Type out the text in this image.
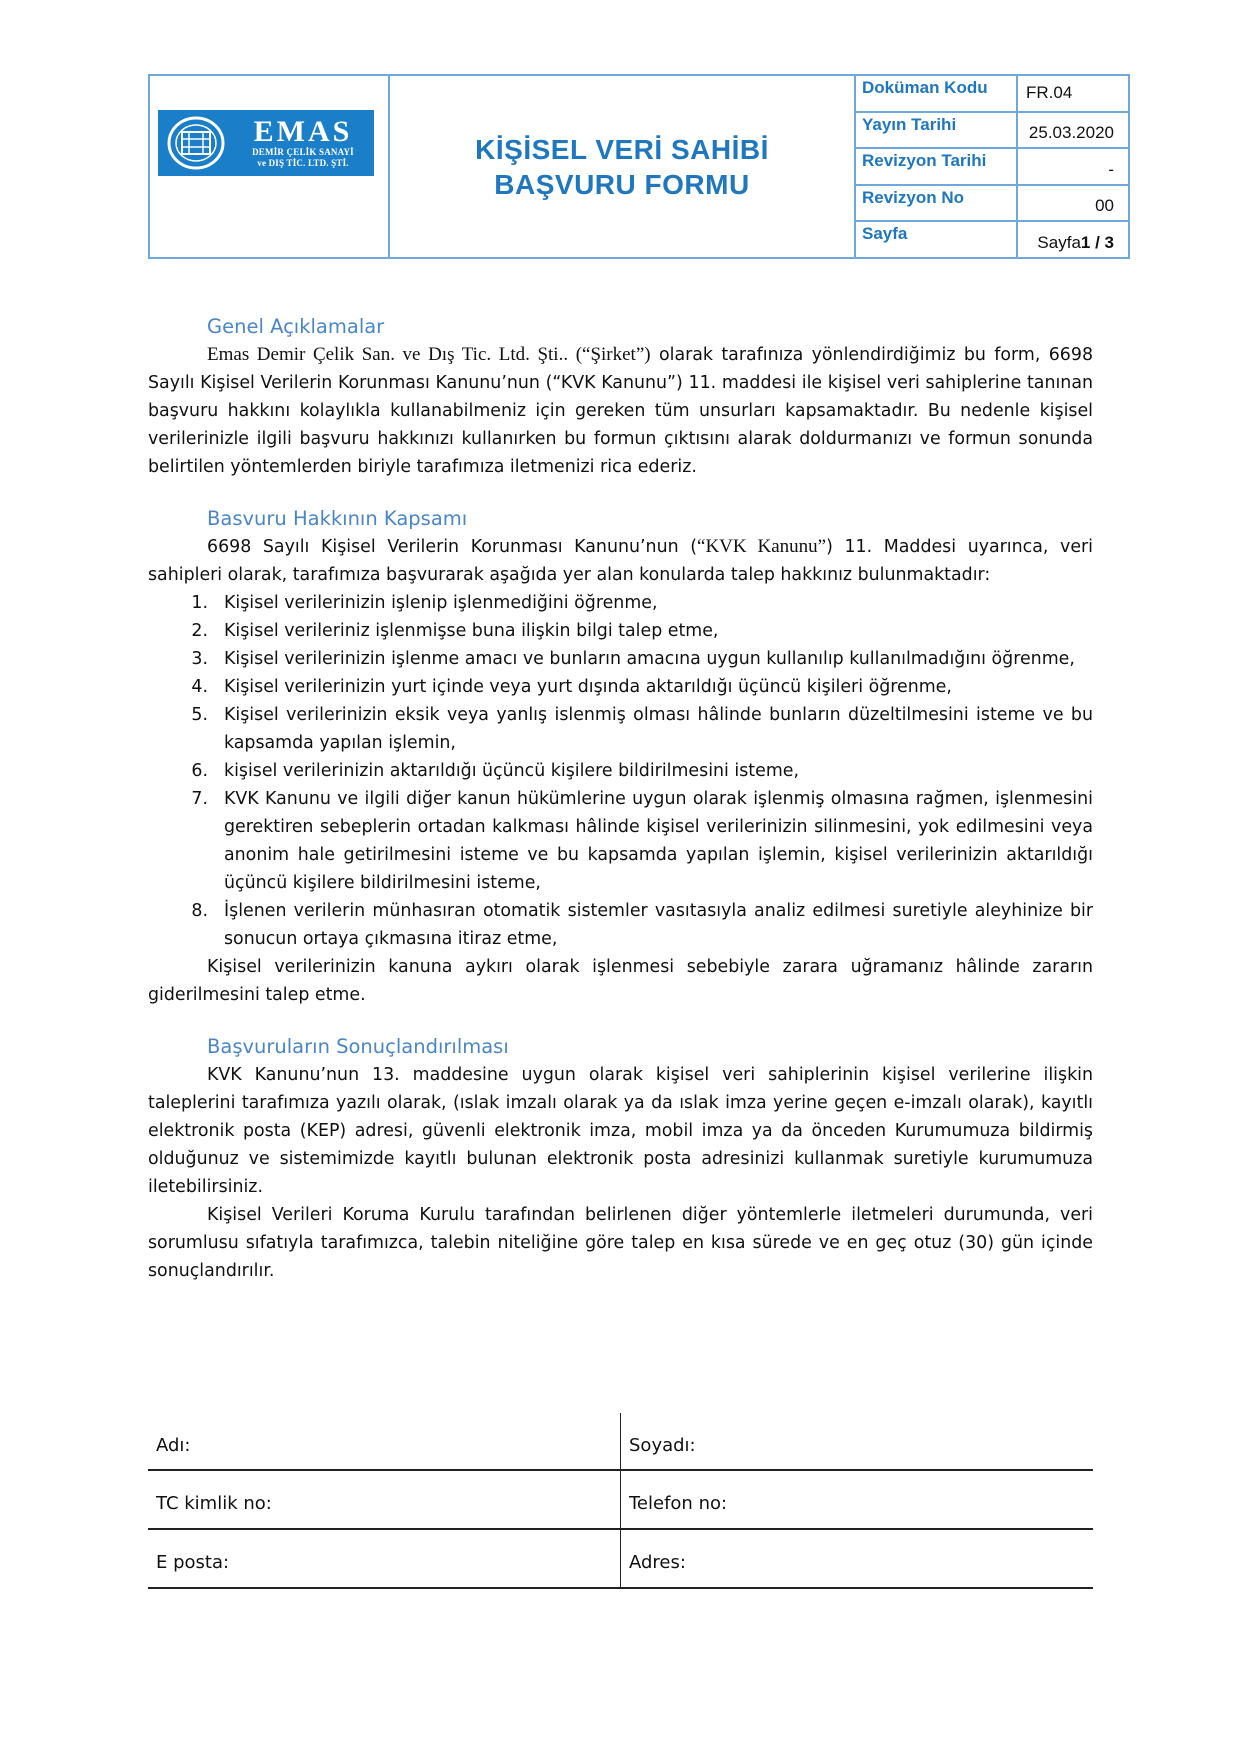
EMAS
DEMİR ÇELİK SANAYİ
ve DIŞ TİC. LTD. ŞTİ.	KİŞİSEL VERİ SAHİBİ
BAŞVURU FORMU
Doküman Kodu	FR.04
Yayın Tarihi	25.03.2020
Revizyon Tarihi	-
Revizyon No	00
Sayfa	Sayfa 1 / 3
Genel Açıklamalar

Emas Demir Çelik San. ve Dış Tic. Ltd. Şti.. (“Şirket”) olarak tarafınıza yönlendirdiğimiz bu form, 6698 Sayılı Kişisel Verilerin Korunması Kanunu’nun (“KVK Kanunu”) 11. maddesi ile kişisel veri sahiplerine tanınan başvuru hakkını kolaylıkla kullanabilmeniz için gereken tüm unsurları kapsamaktadır. Bu nedenle kişisel verilerinizle ilgili başvuru hakkınızı kullanırken bu formun çıktısını alarak doldurmanızı ve formun sonunda belirtilen yöntemlerden biriyle tarafımıza iletmenizi rica ederiz.

Basvuru Hakkının Kapsamı

6698 Sayılı Kişisel Verilerin Korunması Kanunu’nun (“KVK Kanunu”) 11. Maddesi uyarınca, veri sahipleri olarak, tarafımıza başvurarak aşağıda yer alan konularda talep hakkınız bulunmaktadır:

1. Kişisel verilerinizin işlenip işlenmediğini öğrenme,
2. Kişisel verileriniz işlenmişse buna ilişkin bilgi talep etme,
3. Kişisel verilerinizin işlenme amacı ve bunların amacına uygun kullanılıp kullanılmadığını öğrenme,
4. Kişisel verilerinizin yurt içinde veya yurt dışında aktarıldığı üçüncü kişileri öğrenme,
5. Kişisel verilerinizin eksik veya yanlış islenmiş olması hâlinde bunların düzeltilmesini isteme ve bu kapsamda yapılan işlemin,
6. kişisel verilerinizin aktarıldığı üçüncü kişilere bildirilmesini isteme,
7. KVK Kanunu ve ilgili diğer kanun hükümlerine uygun olarak işlenmiş olmasına rağmen, işlenmesini gerektiren sebeplerin ortadan kalkması hâlinde kişisel verilerinizin silinmesini, yok edilmesini veya anonim hale getirilmesini isteme ve bu kapsamda yapılan işlemin, kişisel verilerinizin aktarıldığı üçüncü kişilere bildirilmesini isteme,
8. İşlenen verilerin münhasıran otomatik sistemler vasıtasıyla analiz edilmesi suretiyle aleyhinize bir sonucun ortaya çıkmasına itiraz etme,

Kişisel verilerinizin kanuna aykırı olarak işlenmesi sebebiyle zarara uğramanız hâlinde zararın giderilmesini talep etme.

Başvuruların Sonuçlandırılması

KVK Kanunu’nun 13. maddesine uygun olarak kişisel veri sahiplerinin kişisel verilerine ilişkin taleplerini tarafımıza yazılı olarak, (ıslak imzalı olarak ya da ıslak imza yerine geçen e-imzalı olarak), kayıtlı elektronik posta (KEP) adresi, güvenli elektronik imza, mobil imza ya da önceden Kurumumuza bildirmiş olduğunuz ve sistemimizde kayıtlı bulunan elektronik posta adresinizi kullanmak suretiyle kurumumuza iletebilirsiniz.

Kişisel Verileri Koruma Kurulu tarafından belirlenen diğer yöntemlerle iletmeleri durumunda, veri sorumlusu sıfatıyla tarafımızca, talebin niteliğine göre talep en kısa sürede ve en geç otuz (30) gün içinde sonuçlandırılır.

Adı:	Soyadı:
TC kimlik no:	Telefon no:
E posta:	Adres:
